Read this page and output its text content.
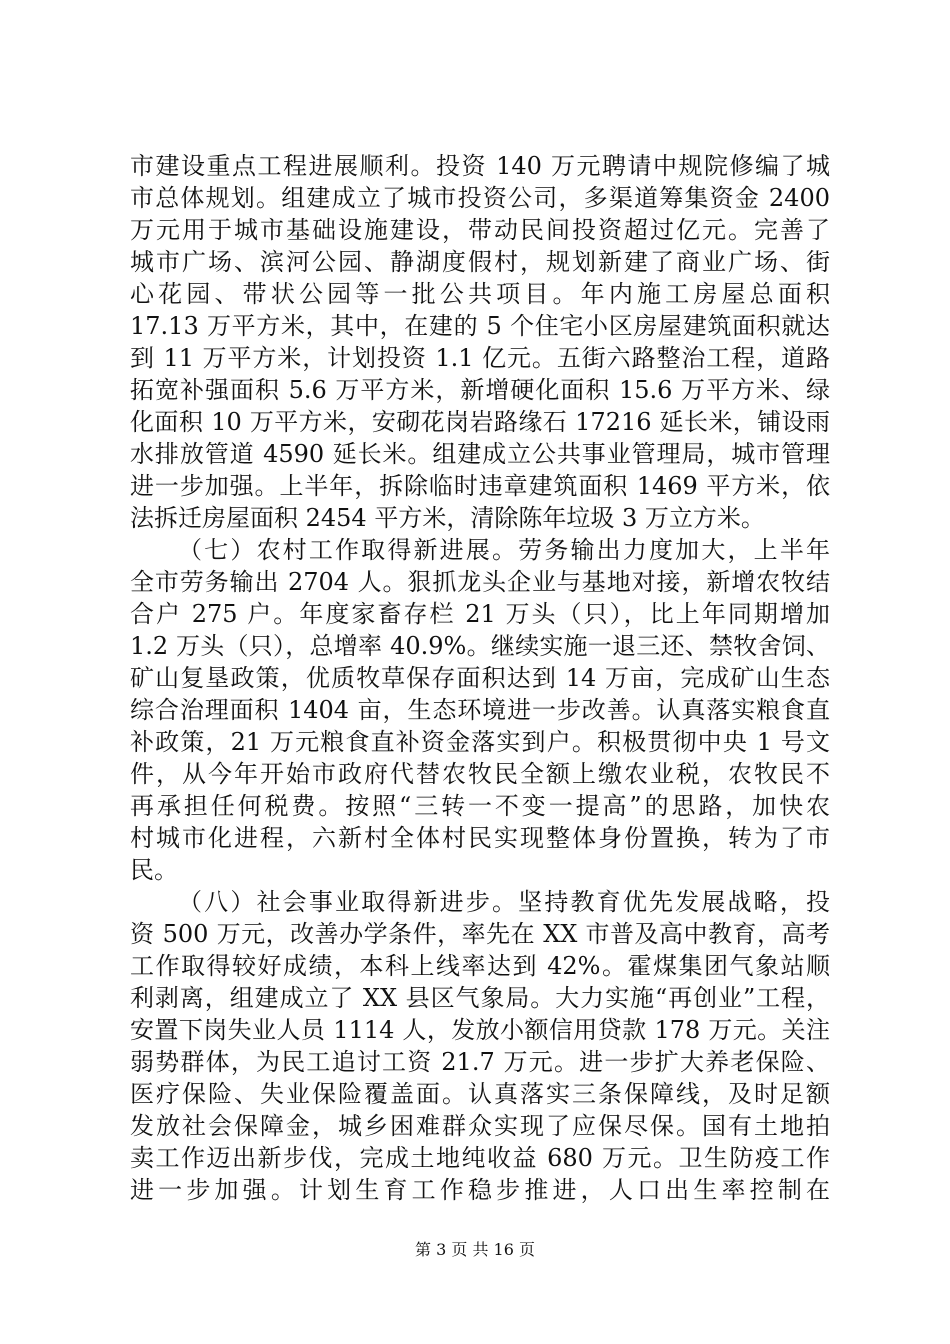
市建设重点工程进展顺利。投资 140 万元聘请中规院修编了城
市总体规划。组建成立了城市投资公司，多渠道筹集资金 2400
万元用于城市基础设施建设，带动民间投资超过亿元。完善了
城市广场、滨河公园、静湖度假村，规划新建了商业广场、街
心花园、带状公园等一批公共项目。年内施工房屋总面积
17.13 万平方米，其中，在建的 5 个住宅小区房屋建筑面积就达
到 11 万平方米，计划投资 1.1 亿元。五街六路整治工程，道路
拓宽补强面积 5.6 万平方米，新增硬化面积 15.6 万平方米、绿
化面积 10 万平方米，安砌花岗岩路缘石 17216 延长米，铺设雨
水排放管道 4590 延长米。组建成立公共事业管理局，城市管理
进一步加强。上半年，拆除临时违章建筑面积 1469 平方米，依
法拆迁房屋面积 2454 平方米，清除陈年垃圾 3 万立方米。
（七）农村工作取得新进展。劳务输出力度加大，上半年
全市劳务输出 2704 人。狠抓龙头企业与基地对接，新增农牧结
合户 275 户。年度家畜存栏 21 万头（只），比上年同期增加
1.2 万头（只），总增率 40.9%。继续实施一退三还、禁牧舍饲、
矿山复垦政策，优质牧草保存面积达到 14 万亩，完成矿山生态
综合治理面积 1404 亩，生态环境进一步改善。认真落实粮食直
补政策，21 万元粮食直补资金落实到户。积极贯彻中央 1 号文
件，从今年开始市政府代替农牧民全额上缴农业税，农牧民不
再承担任何税费。按照“三转一不变一提高”的思路，加快农
村城市化进程，六新村全体村民实现整体身份置换，转为了市
民。
（八）社会事业取得新进步。坚持教育优先发展战略，投
资 500 万元，改善办学条件，率先在 XX 市普及高中教育，高考
工作取得较好成绩，本科上线率达到 42%。霍煤集团气象站顺
利剥离，组建成立了 XX 县区气象局。大力实施“再创业”工程，
安置下岗失业人员 1114 人，发放小额信用贷款 178 万元。关注
弱势群体，为民工追讨工资 21.7 万元。进一步扩大养老保险、
医疗保险、失业保险覆盖面。认真落实三条保障线，及时足额
发放社会保障金，城乡困难群众实现了应保尽保。国有土地拍
卖工作迈出新步伐，完成土地纯收益 680 万元。卫生防疫工作
进一步加强。计划生育工作稳步推进，人口出生率控制在
第 3 页 共 16 页
